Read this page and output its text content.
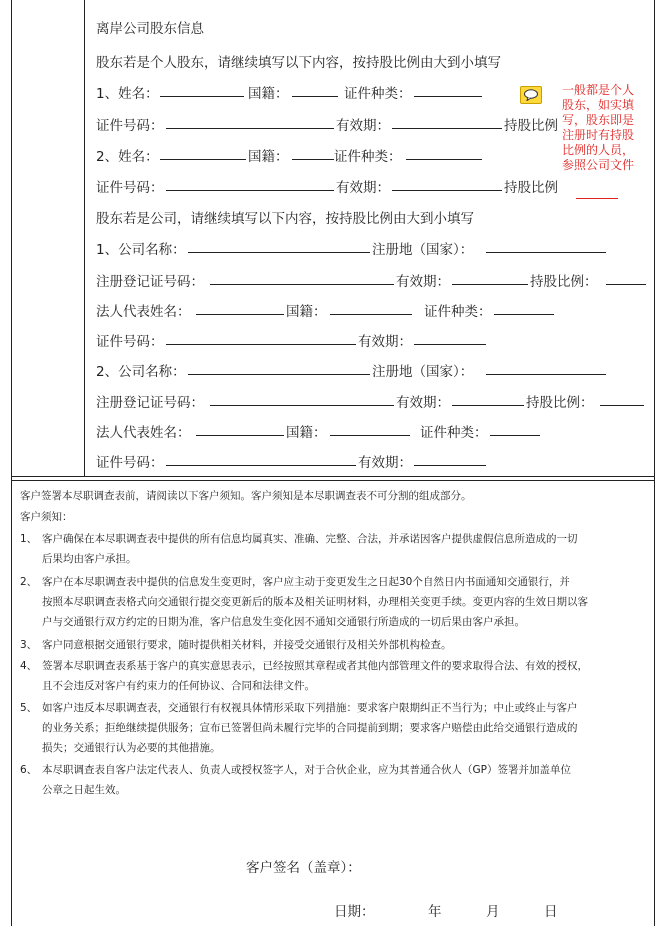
离岸公司股东信息
股东若是个人股东，请继续填写以下内容，按持股比例由大到小填写
1、姓名：	国籍：	证件种类：
证件号码：	有效期：	持股比例
2、姓名：	国籍：	证件种类：
证件号码：	有效期：	持股比例
一般都是个人
股东，如实填
写，股东即是
注册时有持股
比例的人员，
参照公司文件
股东若是公司，请继续填写以下内容，按持股比例由大到小填写
1、公司名称：	注册地（国家）：
注册登记证号码：	有效期：	持股比例：
法人代表姓名：	国籍：	证件种类：
证件号码：	有效期：
2、公司名称：	注册地（国家）：
注册登记证号码：	有效期：	持股比例：
法人代表姓名：	国籍：	证件种类：
证件号码：	有效期：
客户签署本尽职调查表前，请阅读以下客户须知。客户须知是本尽职调查表不可分割的组成部分。
客户须知：
1、 客户确保在本尽职调查表中提供的所有信息均属真实、准确、完整、合法，并承诺因客户提供虚假信息所造成的一切
后果均由客户承担。
2、 客户在本尽职调查表中提供的信息发生变更时，客户应主动于变更发生之日起30个自然日内书面通知交通银行，并
按照本尽职调查表格式向交通银行提交变更新后的版本及相关证明材料，办理相关变更手续。变更内容的生效日期以客
户与交通银行双方约定的日期为准，客户信息发生变化因不通知交通银行所造成的一切后果由客户承担。
3、 客户同意根据交通银行要求，随时提供相关材料，并接受交通银行及相关外部机构检查。
4、 签署本尽职调查表系基于客户的真实意思表示，已经按照其章程或者其他内部管理文件的要求取得合法、有效的授权，
且不会违反对客户有约束力的任何协议、合同和法律文件。
5、 如客户违反本尽职调查表，交通银行有权视具体情形采取下列措施：要求客户限期纠正不当行为；中止或终止与客户
的业务关系；拒绝继续提供服务；宣布已签署但尚未履行完毕的合同提前到期；要求客户赔偿由此给交通银行造成的
损失；交通银行认为必要的其他措施。
6、 本尽职调查表自客户法定代表人、负责人或授权签字人，对于合伙企业，应为其普通合伙人（GP）签署并加盖单位
公章之日起生效。
客户签名（盖章）：
日期：	年	月	日
